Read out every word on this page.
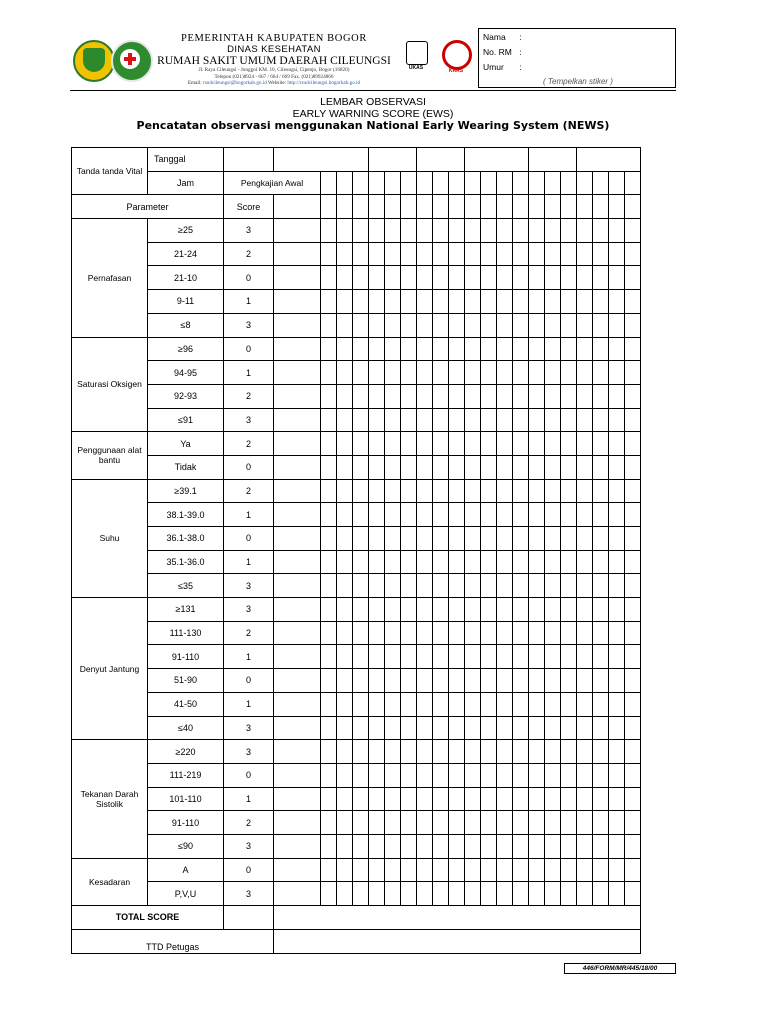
PEMERINTAH KABUPATEN BOGOR
DINAS KESEHATAN
RUMAH SAKIT UMUM DAERAH CILEUNGSI
Jl. Raya Cileungsi - Jonggol KM. 10, Cileungsi, Cipenjo, Bogor (16820)
Telepon (021)8924 - 667 / 664 / 669 Fax. (021)89924866
Email: rsudcileungsi@bogorkab.go.id Website: http://rsudcileungsi.bogorkab.go.id
UKAS	KARS
Nama :
No. RM :
Umur :
( Tempelkan stiker )
LEMBAR OBSERVASI
EARLY WARNING SCORE (EWS)
Pencatatan observasi menggunakan National Early Wearing System (NEWS)
Tanda tanda Vital	Tanggal																						
	Jam	Pengkajian Awal																					
Parameter		Score																					
Pernafasan	≥25	3																					
	21-24	2																					
	21-10	0																					
	9-11	1																					
	≤8	3																					
Saturasi Oksigen	≥96	0																					
	94-95	1																					
	92-93	2																					
	≤91	3																					
Penggunaan alat bantu	Ya	2																					
	Tidak	0																					
Suhu	≥39.1	2																					
	38.1-39.0	1																					
	36.1-38.0	0																					
	35.1-36.0	1																					
	≤35	3																					
Denyut Jantung	≥131	3																					
	111-130	2																					
	91-110	1																					
	51-90	0																					
	41-50	1																					
	≤40	3																					
Tekanan Darah Sistolik	≥220	3																					
	111-219	0																					
	101-110	1																					
	91-110	2																					
	≤90	3																					
Kesadaran	A	0																					
	P,V,U	3																					
TOTAL SCORE																							
TTD Petugas																							
446/FORM/MR/445/18/00
